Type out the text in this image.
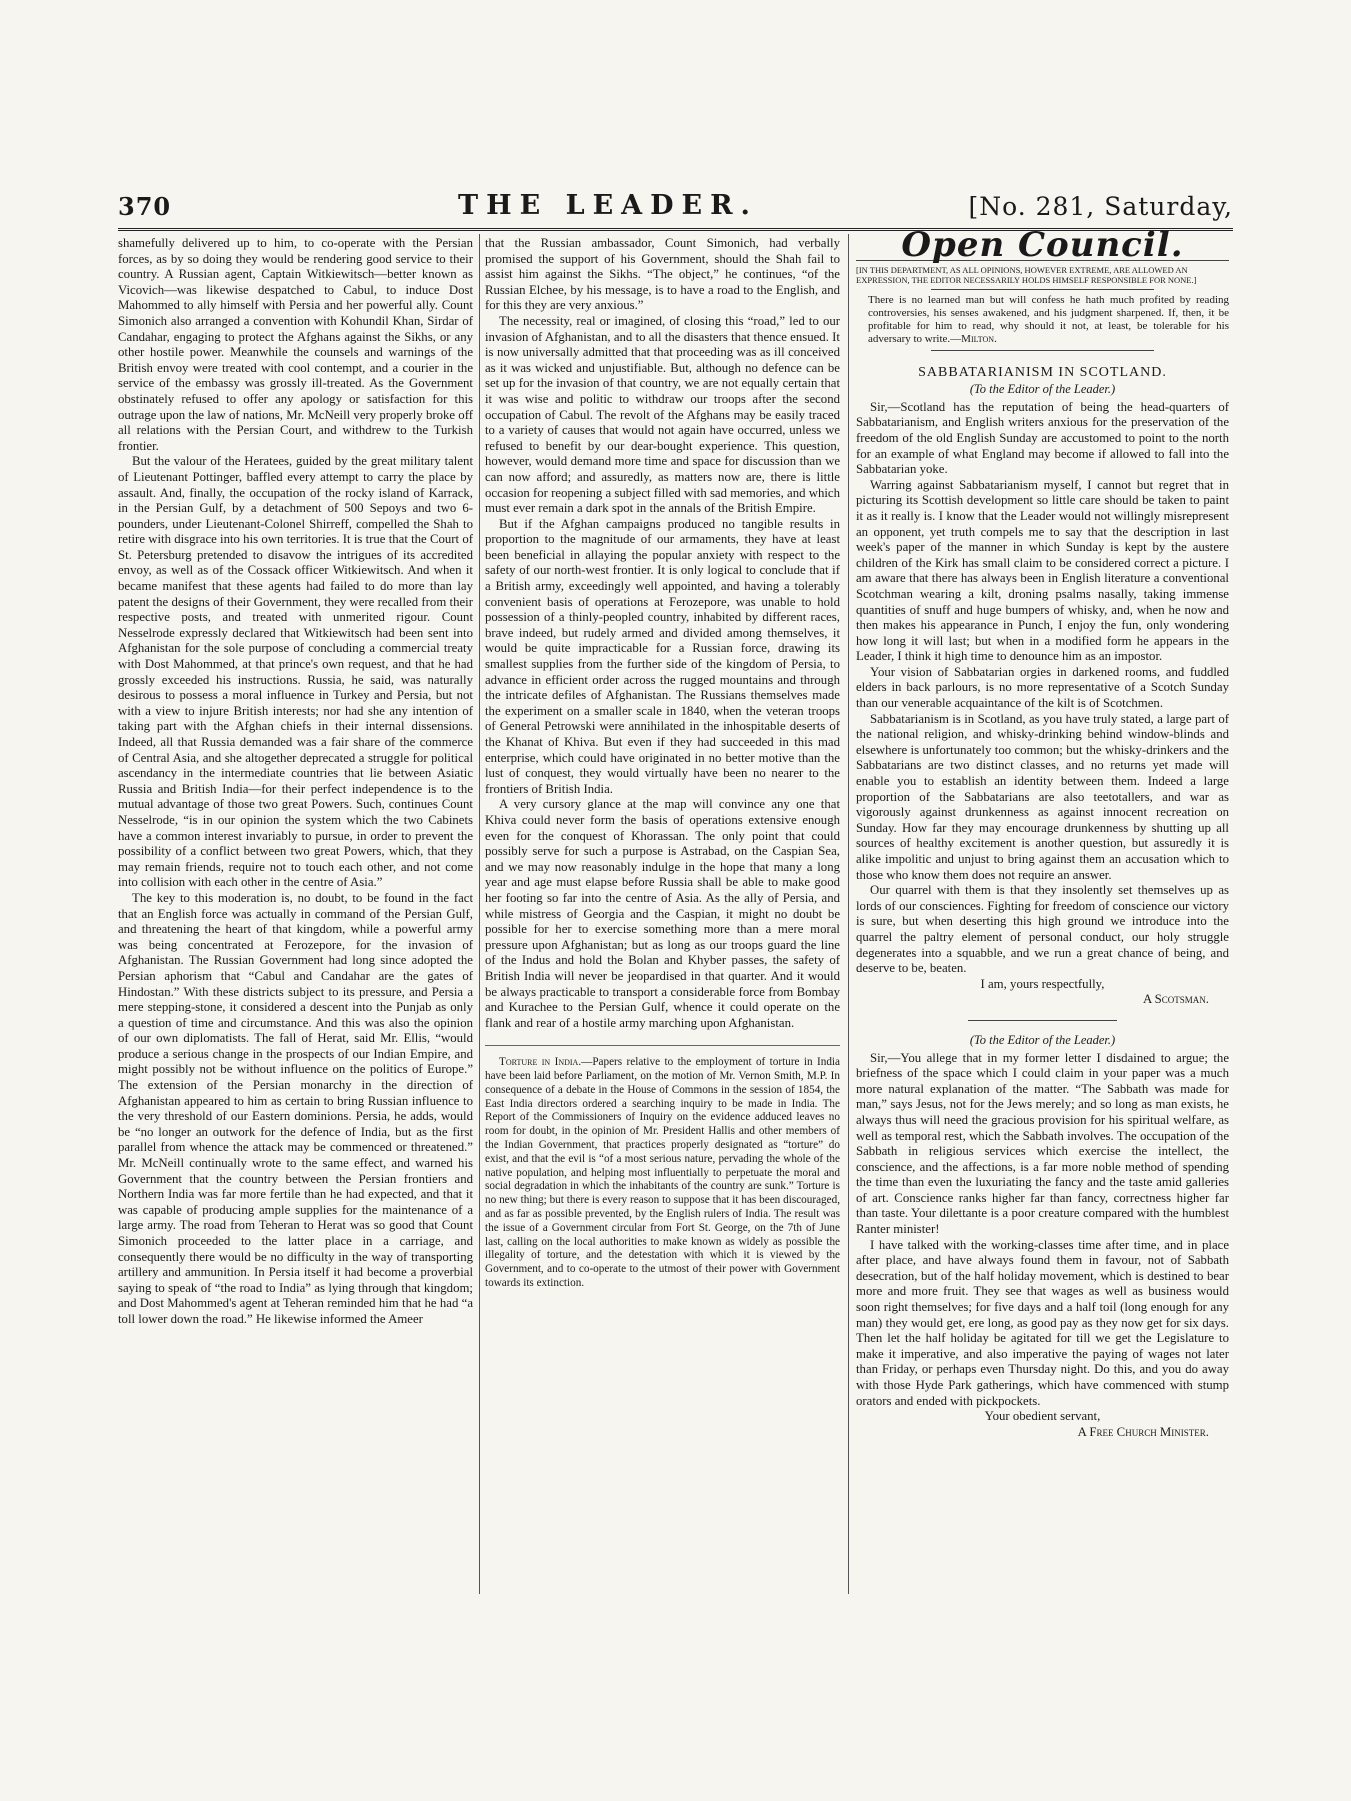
370	THE LEADER.	[No. 281, Saturday,

shamefully delivered up to him, to co-operate with the Persian forces, as by so doing they would be rendering good service to their country. A Russian agent, Captain Witkiewitsch—better known as Vicovich—was likewise despatched to Cabul, to induce Dost Mahommed to ally himself with Persia and her powerful ally. Count Simonich also arranged a convention with Kohundil Khan, Sirdar of Candahar, engaging to protect the Afghans against the Sikhs, or any other hostile power. Meanwhile the counsels and warnings of the British envoy were treated with cool contempt, and a courier in the service of the embassy was grossly ill-treated. As the Government obstinately refused to offer any apology or satisfaction for this outrage upon the law of nations, Mr. McNeill very properly broke off all relations with the Persian Court, and withdrew to the Turkish frontier.

But the valour of the Heratees, guided by the great military talent of Lieutenant Pottinger, baffled every attempt to carry the place by assault. And, finally, the occupation of the rocky island of Karrack, in the Persian Gulf, by a detachment of 500 Sepoys and two 6-pounders, under Lieutenant-Colonel Shirreff, compelled the Shah to retire with disgrace into his own territories. It is true that the Court of St. Petersburg pretended to disavow the intrigues of its accredited envoy, as well as of the Cossack officer Witkiewitsch. And when it became manifest that these agents had failed to do more than lay patent the designs of their Government, they were recalled from their respective posts, and treated with unmerited rigour. Count Nesselrode expressly declared that Witkiewitsch had been sent into Afghanistan for the sole purpose of concluding a commercial treaty with Dost Mahommed, at that prince's own request, and that he had grossly exceeded his instructions. Russia, he said, was naturally desirous to possess a moral influence in Turkey and Persia, but not with a view to injure British interests; nor had she any intention of taking part with the Afghan chiefs in their internal dissensions. Indeed, all that Russia demanded was a fair share of the commerce of Central Asia, and she altogether deprecated a struggle for political ascendancy in the intermediate countries that lie between Asiatic Russia and British India—for their perfect independence is to the mutual advantage of those two great Powers. Such, continues Count Nesselrode, “is in our opinion the system which the two Cabinets have a common interest invariably to pursue, in order to prevent the possibility of a conflict between two great Powers, which, that they may remain friends, require not to touch each other, and not come into collision with each other in the centre of Asia.”

The key to this moderation is, no doubt, to be found in the fact that an English force was actually in command of the Persian Gulf, and threatening the heart of that kingdom, while a powerful army was being concentrated at Ferozepore, for the invasion of Afghanistan. The Russian Government had long since adopted the Persian aphorism that “Cabul and Candahar are the gates of Hindostan.” With these districts subject to its pressure, and Persia a mere stepping-stone, it considered a descent into the Punjab as only a question of time and circumstance. And this was also the opinion of our own diplomatists. The fall of Herat, said Mr. Ellis, “would produce a serious change in the prospects of our Indian Empire, and might possibly not be without influence on the politics of Europe.” The extension of the Persian monarchy in the direction of Afghanistan appeared to him as certain to bring Russian influence to the very threshold of our Eastern dominions. Persia, he adds, would be “no longer an outwork for the defence of India, but as the first parallel from whence the attack may be commenced or threatened.” Mr. McNeill continually wrote to the same effect, and warned his Government that the country between the Persian frontiers and Northern India was far more fertile than he had expected, and that it was capable of producing ample supplies for the maintenance of a large army. The road from Teheran to Herat was so good that Count Simonich proceeded to the latter place in a carriage, and consequently there would be no difficulty in the way of transporting artillery and ammunition. In Persia itself it had become a proverbial saying to speak of “the road to India” as lying through that kingdom; and Dost Mahommed's agent at Teheran reminded him that he had “a toll lower down the road.” He likewise informed the Ameer

that the Russian ambassador, Count Simonich, had verbally promised the support of his Government, should the Shah fail to assist him against the Sikhs. “The object,” he continues, “of the Russian Elchee, by his message, is to have a road to the English, and for this they are very anxious.”

The necessity, real or imagined, of closing this “road,” led to our invasion of Afghanistan, and to all the disasters that thence ensued. It is now universally admitted that that proceeding was as ill conceived as it was wicked and unjustifiable. But, although no defence can be set up for the invasion of that country, we are not equally certain that it was wise and politic to withdraw our troops after the second occupation of Cabul. The revolt of the Afghans may be easily traced to a variety of causes that would not again have occurred, unless we refused to benefit by our dear-bought experience. This question, however, would demand more time and space for discussion than we can now afford; and assuredly, as matters now are, there is little occasion for reopening a subject filled with sad memories, and which must ever remain a dark spot in the annals of the British Empire.

But if the Afghan campaigns produced no tangible results in proportion to the magnitude of our armaments, they have at least been beneficial in allaying the popular anxiety with respect to the safety of our north-west frontier. It is only logical to conclude that if a British army, exceedingly well appointed, and having a tolerably convenient basis of operations at Ferozepore, was unable to hold possession of a thinly-peopled country, inhabited by different races, brave indeed, but rudely armed and divided among themselves, it would be quite impracticable for a Russian force, drawing its smallest supplies from the further side of the kingdom of Persia, to advance in efficient order across the rugged mountains and through the intricate defiles of Afghanistan. The Russians themselves made the experiment on a smaller scale in 1840, when the veteran troops of General Petrowski were annihilated in the inhospitable deserts of the Khanat of Khiva. But even if they had succeeded in this mad enterprise, which could have originated in no better motive than the lust of conquest, they would virtually have been no nearer to the frontiers of British India.

A very cursory glance at the map will convince any one that Khiva could never form the basis of operations extensive enough even for the conquest of Khorassan. The only point that could possibly serve for such a purpose is Astrabad, on the Caspian Sea, and we may now reasonably indulge in the hope that many a long year and age must elapse before Russia shall be able to make good her footing so far into the centre of Asia. As the ally of Persia, and while mistress of Georgia and the Caspian, it might no doubt be possible for her to exercise something more than a mere moral pressure upon Afghanistan; but as long as our troops guard the line of the Indus and hold the Bolan and Khyber passes, the safety of British India will never be jeopardised in that quarter. And it would be always practicable to transport a considerable force from Bombay and Kurachee to the Persian Gulf, whence it could operate on the flank and rear of a hostile army marching upon Afghanistan.

Torture in India.—Papers relative to the employment of torture in India have been laid before Parliament, on the motion of Mr. Vernon Smith, M.P. In consequence of a debate in the House of Commons in the session of 1854, the East India directors ordered a searching inquiry to be made in India. The Report of the Commissioners of Inquiry on the evidence adduced leaves no room for doubt, in the opinion of Mr. President Hallis and other members of the Indian Government, that practices properly designated as “torture” do exist, and that the evil is “of a most serious nature, pervading the whole of the native population, and helping most influentially to perpetuate the moral and social degradation in which the inhabitants of the country are sunk.” Torture is no new thing; but there is every reason to suppose that it has been discouraged, and as far as possible prevented, by the English rulers of India. The result was the issue of a Government circular from Fort St. George, on the 7th of June last, calling on the local authorities to make known as widely as possible the illegality of torture, and the detestation with which it is viewed by the Government, and to co-operate to the utmost of their power with Government towards its extinction.

Open Council.
[IN THIS DEPARTMENT, AS ALL OPINIONS, HOWEVER EXTREME, ARE ALLOWED AN EXPRESSION, THE EDITOR NECESSARILY HOLDS HIMSELF RESPONSIBLE FOR NONE.]
There is no learned man but will confess he hath much profited by reading controversies, his senses awakened, and his judgment sharpened. If, then, it be profitable for him to read, why should it not, at least, be tolerable for his adversary to write.—Milton.
SABBATARIANISM IN SCOTLAND.
(To the Editor of the Leader.)

Sir,—Scotland has the reputation of being the head-quarters of Sabbatarianism, and English writers anxious for the preservation of the freedom of the old English Sunday are accustomed to point to the north for an example of what England may become if allowed to fall into the Sabbatarian yoke.

Warring against Sabbatarianism myself, I cannot but regret that in picturing its Scottish development so little care should be taken to paint it as it really is. I know that the Leader would not willingly misrepresent an opponent, yet truth compels me to say that the description in last week's paper of the manner in which Sunday is kept by the austere children of the Kirk has small claim to be considered correct a picture. I am aware that there has always been in English literature a conventional Scotchman wearing a kilt, droning psalms nasally, taking immense quantities of snuff and huge bumpers of whisky, and, when he now and then makes his appearance in Punch, I enjoy the fun, only wondering how long it will last; but when in a modified form he appears in the Leader, I think it high time to denounce him as an impostor.

Your vision of Sabbatarian orgies in darkened rooms, and fuddled elders in back parlours, is no more representative of a Scotch Sunday than our venerable acquaintance of the kilt is of Scotchmen.

Sabbatarianism is in Scotland, as you have truly stated, a large part of the national religion, and whisky-drinking behind window-blinds and elsewhere is unfortunately too common; but the whisky-drinkers and the Sabbatarians are two distinct classes, and no returns yet made will enable you to establish an identity between them. Indeed a large proportion of the Sabbatarians are also teetotallers, and war as vigorously against drunkenness as against innocent recreation on Sunday. How far they may encourage drunkenness by shutting up all sources of healthy excitement is another question, but assuredly it is alike impolitic and unjust to bring against them an accusation which to those who know them does not require an answer.

Our quarrel with them is that they insolently set themselves up as lords of our consciences. Fighting for freedom of conscience our victory is sure, but when deserting this high ground we introduce into the quarrel the paltry element of personal conduct, our holy struggle degenerates into a squabble, and we run a great chance of being, and deserve to be, beaten.

I am, yours respectfully,

A Scotsman.

(To the Editor of the Leader.)

Sir,—You allege that in my former letter I disdained to argue; the briefness of the space which I could claim in your paper was a much more natural explanation of the matter. “The Sabbath was made for man,” says Jesus, not for the Jews merely; and so long as man exists, he always thus will need the gracious provision for his spiritual welfare, as well as temporal rest, which the Sabbath involves. The occupation of the Sabbath in religious services which exercise the intellect, the conscience, and the affections, is a far more noble method of spending the time than even the luxuriating the fancy and the taste amid galleries of art. Conscience ranks higher far than fancy, correctness higher far than taste. Your dilettante is a poor creature compared with the humblest Ranter minister!

I have talked with the working-classes time after time, and in place after place, and have always found them in favour, not of Sabbath desecration, but of the half holiday movement, which is destined to bear more and more fruit. They see that wages as well as business would soon right themselves; for five days and a half toil (long enough for any man) they would get, ere long, as good pay as they now get for six days. Then let the half holiday be agitated for till we get the Legislature to make it imperative, and also imperative the paying of wages not later than Friday, or perhaps even Thursday night. Do this, and you do away with those Hyde Park gatherings, which have commenced with stump orators and ended with pickpockets.

Your obedient servant,

A Free Church Minister.
